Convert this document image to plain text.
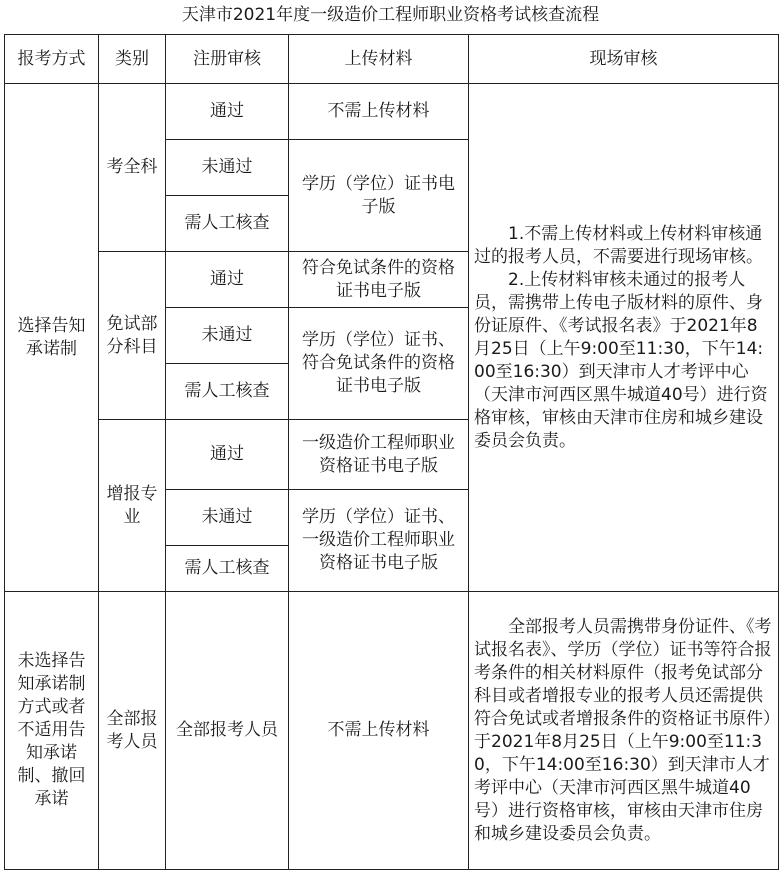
天津市2021年度一级造价工程师职业资格考试核查流程
报考方式	类别	注册审核	上传材料	现场审核
选择告知承诺制	考全科	通过	不需上传材料	1.不需上传材料或上传材料审核通过的报考人员，不需要进行现场审核。
2.上传材料审核未通过的报考人员，需携带上传电子版材料的原件、身份证原件、《考试报名表》于2021年8月25日（上午9:00至11:30，下午14:00至16:30）到天津市人才考评中心（天津市河西区黑牛城道40号）进行资格审核，审核由天津市住房和城乡建设委员会负责。

		未通过	学历（学位）证书电子版	
		需人工核查		
	免试部分科目	通过	符合免试条件的资格证书电子版	
		未通过	学历（学位）证书、符合免试条件的资格证书电子版	
		需人工核查		
	增报专业	通过	一级造价工程师职业资格证书电子版	
		未通过	学历（学位）证书、一级造价工程师职业资格证书电子版	
		需人工核查		
未选择告知承诺制方式或者不适用告知承诺制、撤回承诺	全部报考人员	全部报考人员	不需上传材料	全部报考人员需携带身份证件、《考试报名表》、学历（学位）证书等符合报考条件的相关材料原件（报考免试部分科目或者增报专业的报考人员还需提供符合免试或者增报条件的资格证书原件）于2021年8月25日（上午9:00至11:30，下午14:00至16:30）到天津市人才考评中心（天津市河西区黑牛城道40号）进行资格审核，审核由天津市住房和城乡建设委员会负责。
